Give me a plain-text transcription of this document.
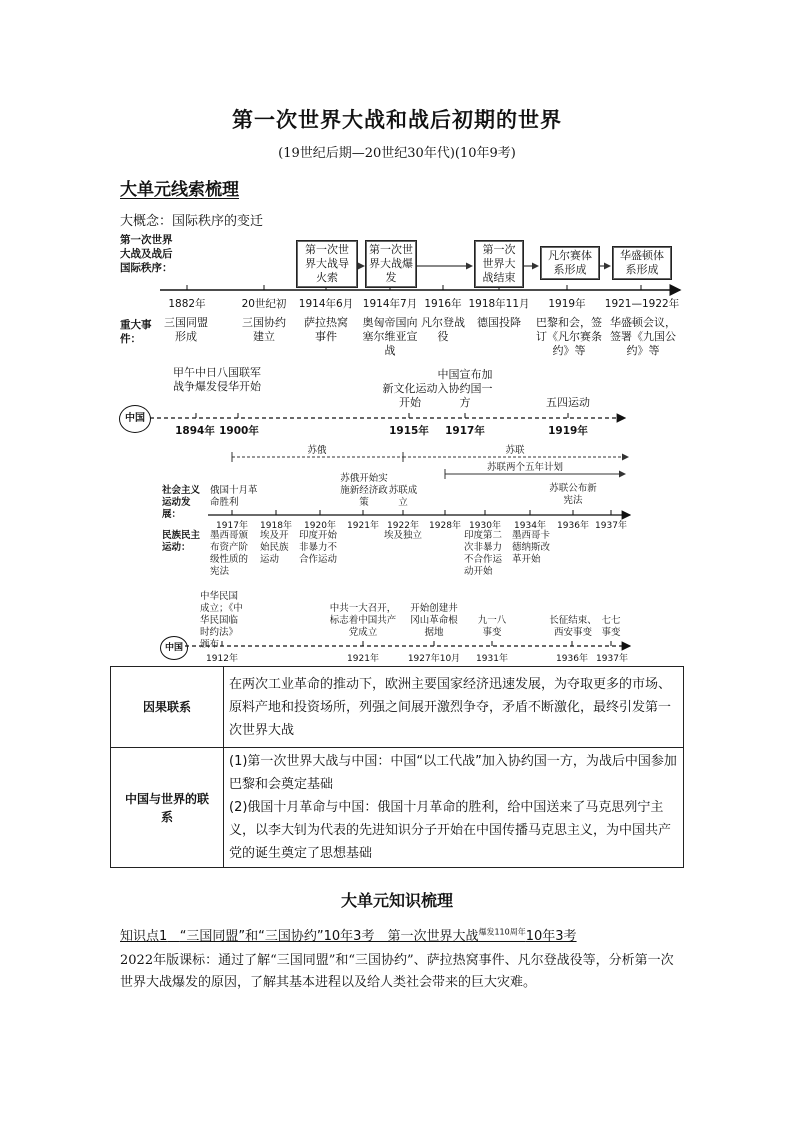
第一次世界大战和战后初期的世界
(19世纪后期—20世纪30年代)(10年9考)
大单元线索梳理
大概念：国际秩序的变迁
第一次世界大战及战后国际秩序：
第一次世界大战导火索
第一次世界大战爆发
第一次世界大战结束
凡尔赛体系形成
华盛顿体系形成
1882年	20世纪初	1914年6月 1914年7月 1916年 1918年11月	1919年	1921—1922年
重大事件：
三国同盟形成
三国协约建立
萨拉热窝事件
奥匈帝国向塞尔维亚宣战
凡尔登战役
德国投降	巴黎和会，签订《凡尔赛条约》等
华盛顿会议，签署《九国公约》等
中国
甲午中日战争爆发
八国联军侵华开始	新文化运动开始
中国宣布加入协约国一方	五四运动
1894年 1900年	1915年	1917年	1919年
苏俄	苏联
苏联两个五年计划
社会主义运动发展：
俄国十月革命胜利
苏俄开始实施新经济政策
苏联成立
苏联公布新宪法
1917年	1918年	1920年	1921年 1922年	1928年 1930年	1934年	1936年 1937年
民族民主运动：
墨西哥颁布资产阶级性质的宪法
埃及开始民族运动
印度开始非暴力不合作运动
埃及独立	印度第二次非暴力不合作运动开始
墨西哥卡德纳斯改革开始
中国
中华民国成立；《中华民国临时约法》颁布
中共一大召开，标志着中国共产党成立
开始创建井冈山革命根据地
九一八事变
长征结束、西安事变
七七事变
1912年	1921年	1927年10月	1931年	1936年 1937年
因果联系	在两次工业革命的推动下，欧洲主要国家经济迅速发展，为夺取更多的市场、原料产地和投资场所，列强之间展开激烈争夺，矛盾不断激化，最终引发第一次世界大战
中国与世界的联系	(1)第一次世界大战与中国：中国“以工代战”加入协约国一方，为战后中国参加巴黎和会奠定基础
(2)俄国十月革命与中国：俄国十月革命的胜利，给中国送来了马克思列宁主义，以李大钊为代表的先进知识分子开始在中国传播马克思主义，为中国共产党的诞生奠定了思想基础
大单元知识梳理
知识点1 “三国同盟”和“三国协约”10年3考　第一次世界大战$^{爆发110周年}$10年3考
2022年版课标：通过了解“三国同盟”和“三国协约”、萨拉热窝事件、凡尔登战役等，分析第一次世界大战爆发的原因，了解其基本进程以及给人类社会带来的巨大灾难。
